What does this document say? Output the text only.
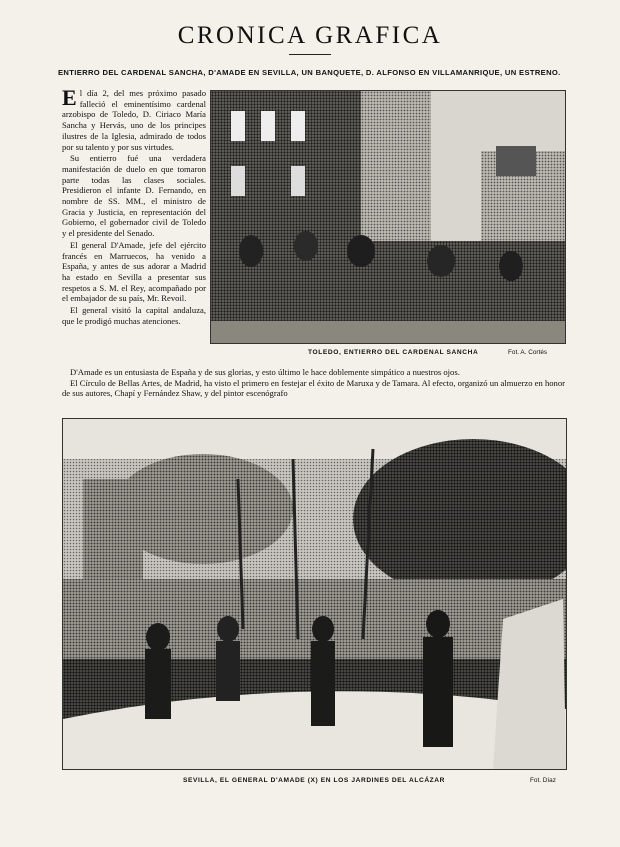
CRONICA GRAFICA
ENTIERRO DEL CARDENAL SANCHA, D'AMADE EN SEVILLA, UN BANQUETE, D. ALFONSO EN VILLAMANRIQUE, UN ESTRENO.

El día 2, del mes próximo pasado falleció el eminentísimo cardenal arzobispo de Toledo, D. Ciriaco María Sancha y Hervás, uno de los principes ilustres de la Iglesia, admirado de todos por su talento y por sus virtudes.

Su entierro fué una verdadera manifestación de duelo en que tomaron parte todas las clases sociales. Presidieron el infante D. Fernando, en nombre de SS. MM., el ministro de Gracia y Justicia, en representación del Gobierno, el gobernador civil de Toledo y el presidente del Senado.

El general D'Amade, jefe del ejército francés en Marruecos, ha venido a España, y antes de sus adorar a Madrid ha estado en Sevilla a presentar sus respetos a S. M. el Rey, acompañado por el embajador de su país, Mr. Revoil.

El general visitó la capital andaluza, que le prodigó muchas atenciones.

TOLEDO, ENTIERRO DEL CARDENAL SANCHA	Fot. A. Cortés

D'Amade es un entusiasta de España y de sus glorias, y esto último le hace doblemente simpático a nuestros ojos.

El Círculo de Bellas Artes, de Madrid, ha visto el primero en festejar el éxito de Maruxa y de Tamara. Al efecto, organizó un almuerzo en honor de sus autores, Chapí y Fernández Shaw, y del pintor escenógrafo

SEVILLA, EL GENERAL D'AMADE (X) EN LOS JARDINES DEL ALCÁZAR	Fot. Díaz
